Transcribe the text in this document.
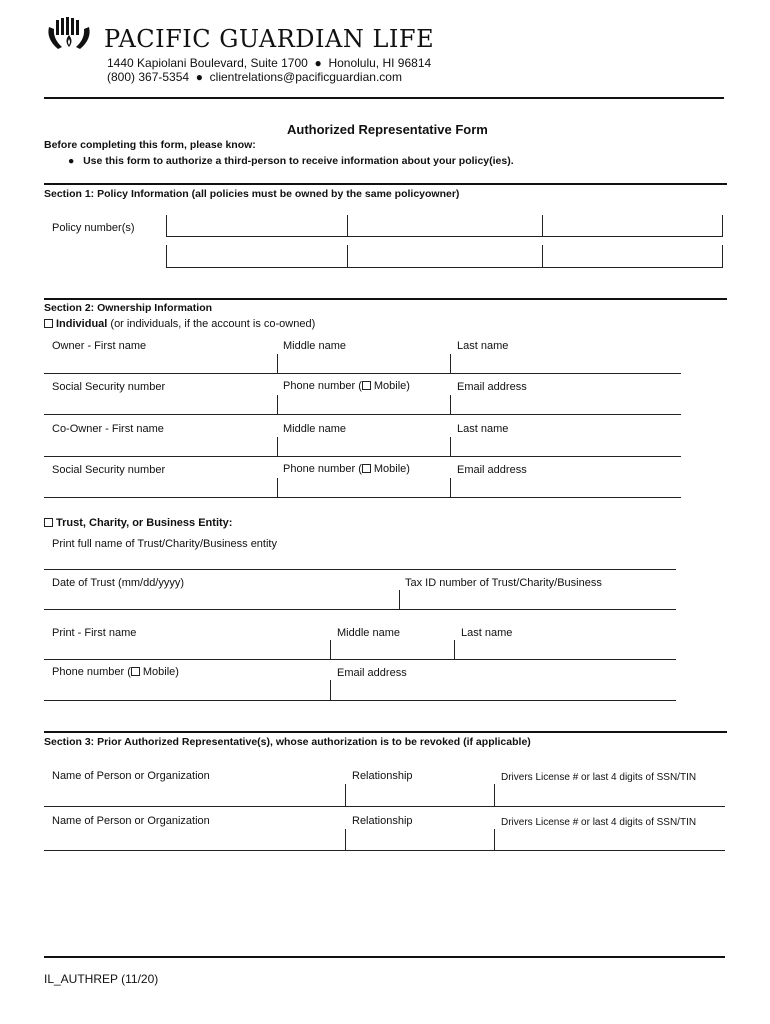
PACIFIC GUARDIAN LIFE
1440 Kapiolani Boulevard, Suite 1700  ●  Honolulu, HI 96814
(800) 367-5354  ●  clientrelations@pacificguardian.com
Authorized Representative Form
Before completing this form, please know:
●   Use this form to authorize a third-person to receive information about your policy(ies).
Section 1: Policy Information (all policies must be owned by the same policyowner)
Policy number(s)
Section 2: Ownership Information
Individual (or individuals, if the account is co-owned)
Owner - First name	Middle name	Last name
Social Security number	Phone number ( Mobile)	Email address
Co-Owner - First name	Middle name	Last name
Social Security number	Phone number ( Mobile)	Email address
Trust, Charity, or Business Entity:
Print full name of Trust/Charity/Business entity
Date of Trust (mm/dd/yyyy)	Tax ID number of Trust/Charity/Business
Print - First name	Middle name	Last name
Phone number ( Mobile)	Email address
Section 3: Prior Authorized Representative(s), whose authorization is to be revoked (if applicable)
Name of Person or Organization	Relationship	Drivers License # or last 4 digits of SSN/TIN
Name of Person or Organization	Relationship	Drivers License # or last 4 digits of SSN/TIN
IL_AUTHREP (11/20)
